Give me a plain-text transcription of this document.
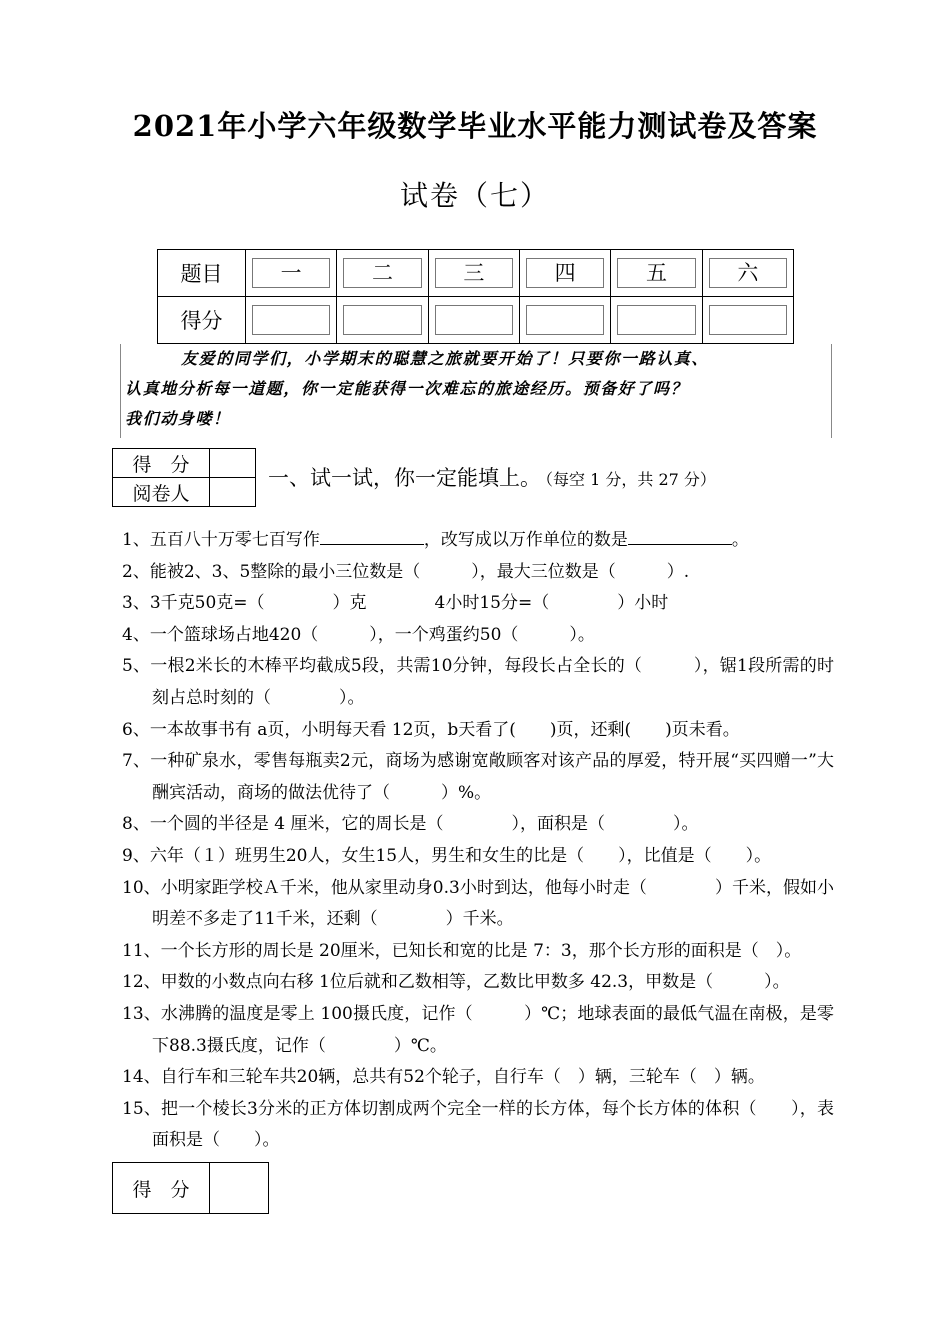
2021年小学六年级数学毕业水平能力测试卷及答案
试卷（七）
题目	一	二	三	四	五	六

得分	

友爱的同学们，小学期末的聪慧之旅就要开始了！只要你一路认真、

认真地分析每一道题，你一定能获得一次难忘的旅途经历。预备好了吗？

我们动身喽！

得　分	
阅卷人	
一、试一试，你一定能填上。 （每空 1 分，共 27 分）

1、五百八十万零七百写作	，改写成以万作单位的数是	。

2、能被2、3、5整除的最小三位数是（　　　），最大三位数是（　　　）.

3、3千克50克=（　　　　）克　　　　4小时15分=（　　　　）小时

4、一个篮球场占地420（　　　），一个鸡蛋约50（　　　）。

5、一根2米长的木棒平均截成5段，共需10分钟，每段长占全长的（　　　），锯1段所需的时刻占总时刻的（　　　　）。

6、一本故事书有 a页，小明每天看 12页，b天看了(　　)页，还剩(　　)页未看。

7、一种矿泉水，零售每瓶卖2元，商场为感谢宽敞顾客对该产品的厚爱，特开展“买四赠一”大酬宾活动，商场的做法优待了（　　　）%。

8、一个圆的半径是 4 厘米，它的周长是（　　　　），面积是（　　　　）。

9、六年（１）班男生20人，女生15人，男生和女生的比是（　　），比值是（　　）。

10、小明家距学校Ａ千米，他从家里动身0.3小时到达，他每小时走（　　　　）千米，假如小明差不多走了11千米，还剩（　　　　）千米。

11、一个长方形的周长是 20厘米，已知长和宽的比是 7：3，那个长方形的面积是（　）。

12、甲数的小数点向右移 1位后就和乙数相等，乙数比甲数多 42.3，甲数是（　　　）。

13、水沸腾的温度是零上 100摄氏度，记作（　　　）℃；地球表面的最低气温在南极，是零下88.3摄氏度，记作（　　　　）℃。

14、自行车和三轮车共20辆，总共有52个轮子，自行车（　）辆，三轮车（　）辆。

15、把一个棱长3分米的正方体切割成两个完全一样的长方体，每个长方体的体积（　　），表面积是（　　）。

得　分	
